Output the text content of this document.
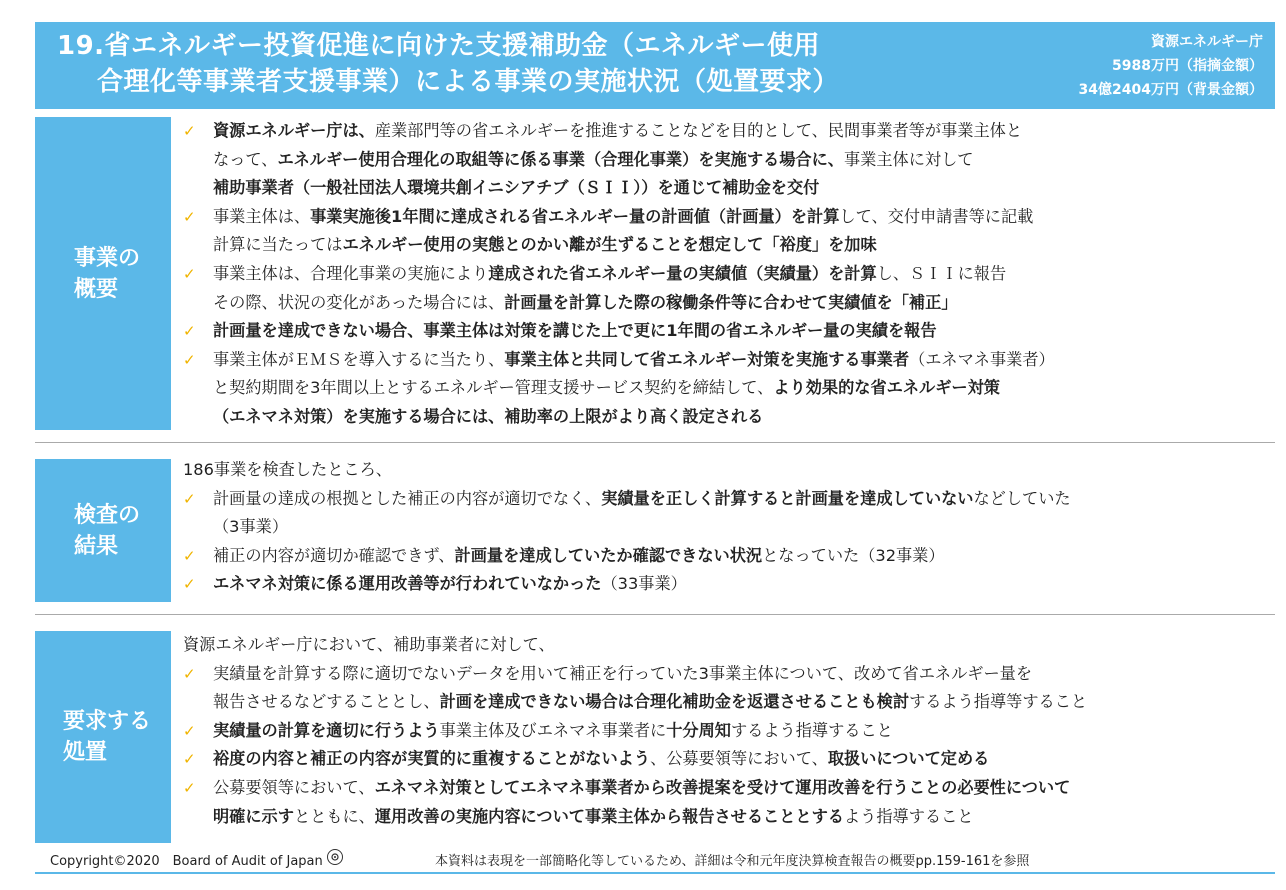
19.省エネルギー投資促進に向けた支援補助金（エネルギー使用
合理化等事業者支援事業）による事業の実施状況（処置要求）
資源エネルギー庁
5988万円（指摘金額）
34億2404万円（背景金額）
事業の
概要
✓ 資源エネルギー庁は、産業部門等の省エネルギーを推進することなどを目的として、民間事業者等が事業主体と
なって、エネルギー使用合理化の取組等に係る事業（合理化事業）を実施する場合に、事業主体に対して
補助事業者（一般社団法人環境共創イニシアチブ（ＳＩＩ））を通じて補助金を交付
✓ 事業主体は、事業実施後1年間に達成される省エネルギー量の計画値（計画量）を計算して、交付申請書等に記載
計算に当たってはエネルギー使用の実態とのかい離が生ずることを想定して「裕度」を加味
✓ 事業主体は、合理化事業の実施により達成された省エネルギー量の実績値（実績量）を計算し、ＳＩＩに報告
その際、状況の変化があった場合には、計画量を計算した際の稼働条件等に合わせて実績値を「補正」
✓ 計画量を達成できない場合、事業主体は対策を講じた上で更に1年間の省エネルギー量の実績を報告
✓ 事業主体がＥＭＳを導入するに当たり、事業主体と共同して省エネルギー対策を実施する事業者（エネマネ事業者）
と契約期間を3年間以上とするエネルギー管理支援サービス契約を締結して、より効果的な省エネルギー対策
（エネマネ対策）を実施する場合には、補助率の上限がより高く設定される
検査の
結果
186事業を検査したところ、
✓ 計画量の達成の根拠とした補正の内容が適切でなく、実績量を正しく計算すると計画量を達成していないなどしていた
（3事業）
✓ 補正の内容が適切か確認できず、計画量を達成していたか確認できない状況となっていた（32事業）
✓ エネマネ対策に係る運用改善等が行われていなかった（33事業）
要求する
処置
資源エネルギー庁において、補助事業者に対して、
✓ 実績量を計算する際に適切でないデータを用いて補正を行っていた3事業主体について、改めて省エネルギー量を
報告させるなどすることとし、計画を達成できない場合は合理化補助金を返還させることも検討するよう指導等すること
✓ 実績量の計算を適切に行うよう事業主体及びエネマネ事業者に十分周知するよう指導すること
✓ 裕度の内容と補正の内容が実質的に重複することがないよう、公募要領等において、取扱いについて定める
✓ 公募要領等において、エネマネ対策としてエネマネ事業者から改善提案を受けて運用改善を行うことの必要性について
明確に示すとともに、運用改善の実施内容について事業主体から報告させることとするよう指導すること
Copyright©2020　Board of Audit of Japan	本資料は表現を一部簡略化等しているため、詳細は令和元年度決算検査報告の概要pp.159-161を参照
